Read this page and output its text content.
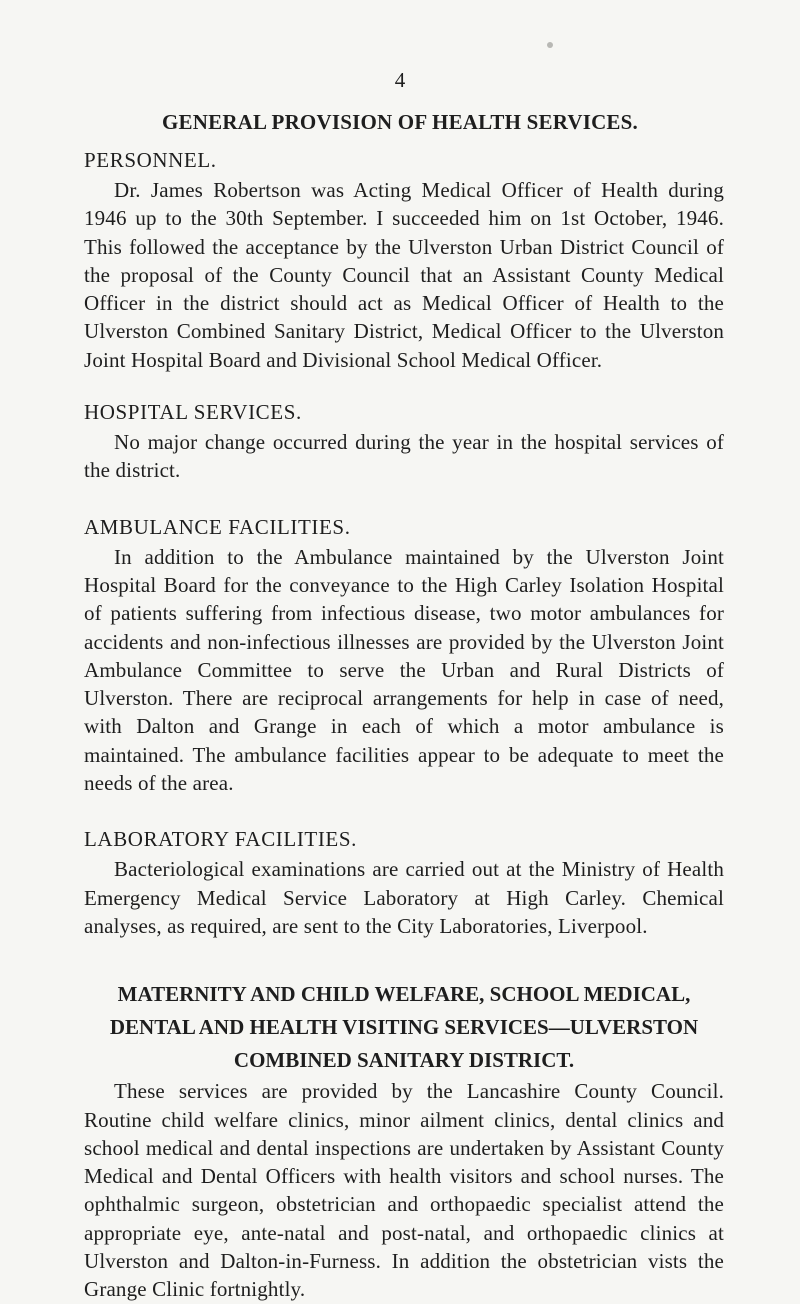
4
GENERAL PROVISION OF HEALTH SERVICES.
PERSONNEL.

Dr. James Robertson was Acting Medical Officer of Health during 1946 up to the 30th September. I succeeded him on 1st October, 1946. This followed the acceptance by the Ulverston Urban District Council of the proposal of the County Council that an Assistant County Medical Officer in the district should act as Medical Officer of Health to the Ulverston Combined Sanitary District, Medical Officer to the Ulverston Joint Hospital Board and Divisional School Medical Officer.

HOSPITAL SERVICES.

No major change occurred during the year in the hospital services of the district.

AMBULANCE FACILITIES.

In addition to the Ambulance maintained by the Ulverston Joint Hospital Board for the conveyance to the High Carley Isolation Hospital of patients suffering from infectious disease, two motor ambulances for accidents and non-infectious illnesses are provided by the Ulverston Joint Ambulance Committee to serve the Urban and Rural Districts of Ulverston. There are reciprocal arrangements for help in case of need, with Dalton and Grange in each of which a motor ambulance is maintained. The ambulance facilities appear to be adequate to meet the needs of the area.

LABORATORY FACILITIES.

Bacteriological examinations are carried out at the Ministry of Health Emergency Medical Service Laboratory at High Carley. Chemical analyses, as required, are sent to the City Laboratories, Liverpool.

MATERNITY AND CHILD WELFARE, SCHOOL MEDICAL,
DENTAL AND HEALTH VISITING SERVICES—ULVERSTON
COMBINED SANITARY DISTRICT.

These services are provided by the Lancashire County Council. Routine child welfare clinics, minor ailment clinics, dental clinics and school medical and dental inspections are undertaken by Assistant County Medical and Dental Officers with health visitors and school nurses. The ophthalmic surgeon, obstetrician and orthopaedic specialist attend the appropriate eye, ante-natal and post-natal, and orthopaedic clinics at Ulverston and Dalton-in-Furness. In addition the obstetrician vists the Grange Clinic fortnightly.
